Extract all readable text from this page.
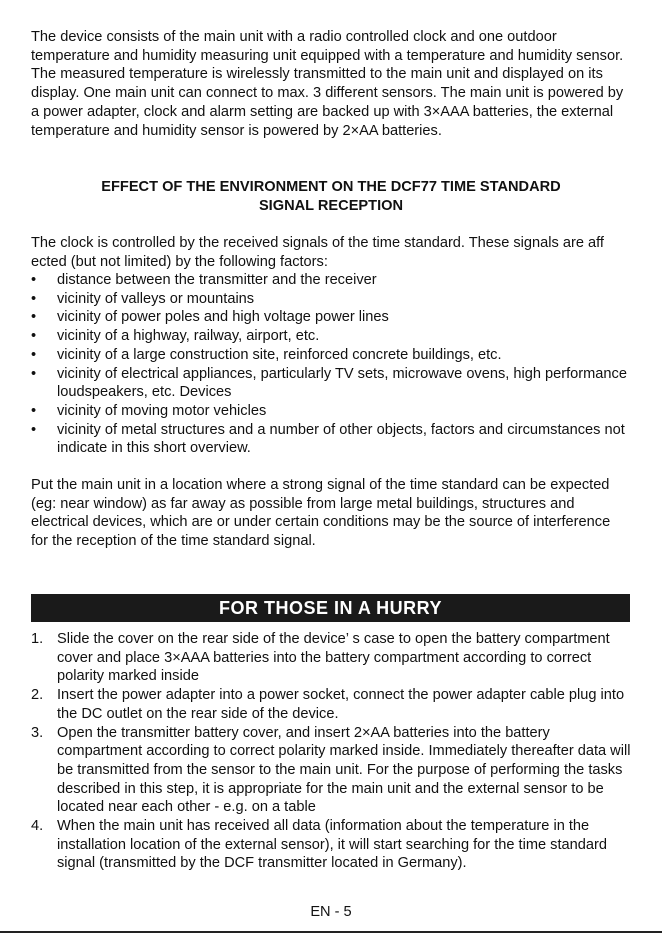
The device consists of the main unit with a radio controlled clock and one outdoor temperature and humidity measuring unit equipped with a temperature and humidity sensor. The measured temperature is wirelessly transmitted to the main unit and displayed on its display. One main unit can connect to max. 3 different sensors. The main unit is powered by a power adapter, clock and alarm setting are backed up with 3×AAA batteries, the external temperature and humidity sensor is powered by 2×AA batteries.

EFFECT OF THE ENVIRONMENT ON THE DCF77 TIME STANDARD
SIGNAL RECEPTION

The clock is controlled by the received signals of the time standard. These signals are aff ected (but not limited) by the following factors:

• distance between the transmitter and the receiver
• vicinity of valleys or mountains
• vicinity of power poles and high voltage power lines
• vicinity of a highway, railway, airport, etc.
• vicinity of a large construction site, reinforced concrete buildings, etc.
• vicinity of electrical appliances, particularly TV sets, microwave ovens, high performance loudspeakers, etc. Devices
• vicinity of moving motor vehicles
• vicinity of metal structures and a number of other objects, factors and circumstances not indicate in this short overview.

Put the main unit in a location where a strong signal of the time standard can be expected (eg: near window) as far away as possible from large metal buildings, structures and electrical devices, which are or under certain conditions may be the source of interference for the reception of the time standard signal.

FOR THOSE IN A HURRY
1. Slide the cover on the rear side of the device’ s case to open the battery compartment cover and place 3×AAA batteries into the battery compartment according to correct polarity marked inside
2. Insert the power adapter into a power socket, connect the power adapter cable plug into the DC outlet on the rear side of the device.
3. Open the transmitter battery cover, and insert 2×AA batteries into the battery compartment according to correct polarity marked inside. Immediately thereafter data will be transmitted from the sensor to the main unit. For the purpose of performing the tasks described in this step, it is appropriate for the main unit and the external sensor to be located near each other - e.g. on a table
4. When the main unit has received all data (information about the temperature in the installation location of the external sensor), it will start searching for the time standard signal (transmitted by the DCF transmitter located in Germany).
EN - 5
